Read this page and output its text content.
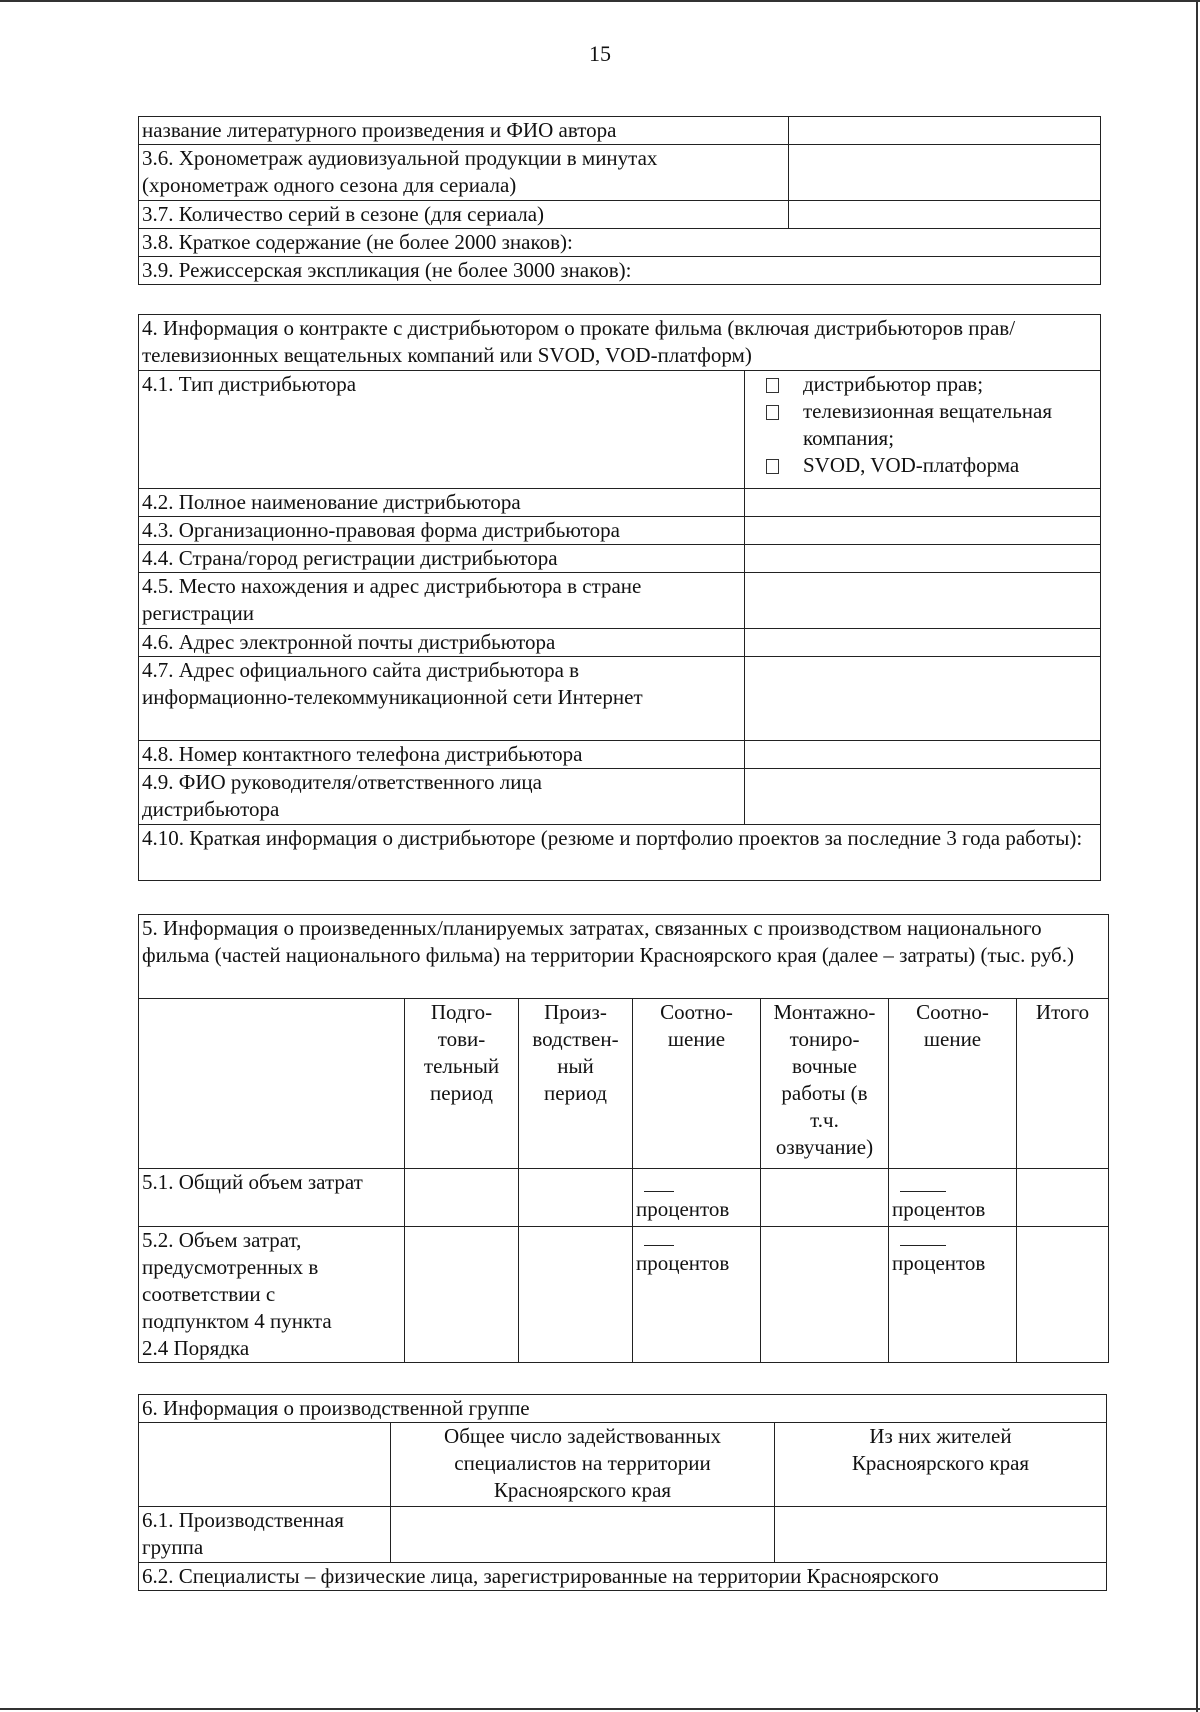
15
название литературного произведения и ФИО автора	
3.6. Хронометраж аудиовизуальной продукции в минутах (хронометраж одного сезона для сериала)	
3.7. Количество серий в сезоне (для сериала)	
3.8. Краткое содержание (не более 2000 знаков):	
3.9. Режиссерская экспликация (не более 3000 знаков):	
4. Информация о контракте с дистрибьютором о прокате фильма (включая дистрибьюторов прав/телевизионных вещательных компаний или SVOD, VOD-платформ)	
4.1. Тип дистрибьютора	дистрибьютор прав;
телевизионная вещательная компания;
SVOD, VOD-платформа

4.2. Полное наименование дистрибьютора	
4.3. Организационно-правовая форма дистрибьютора	
4.4. Страна/город регистрации дистрибьютора	
4.5. Место нахождения и адрес дистрибьютора в стране регистрации	
4.6. Адрес электронной почты дистрибьютора	
4.7. Адрес официального сайта дистрибьютора в информационно-телекоммуникационной сети Интернет	
4.8. Номер контактного телефона дистрибьютора	
4.9. ФИО руководителя/ответственного лица дистрибьютора	
4.10. Краткая информация о дистрибьюторе (резюме и портфолио проектов за последние 3 года работы):	
5. Информация о произведенных/планируемых затратах, связанных с производством национального фильма (частей национального фильма) на территории Красноярского края (далее – затраты) (тыс. руб.)						
	Подго-тови-тельный период	Произ-водствен-ный период	Соотно-шение	Монтажно-тониро-вочные работы (в т.ч. озвучание)	Соотно-шение	Итого
5.1. Общий объем затрат			процентов		процентов	
5.2. Объем затрат, предусмотренных в соответствии с подпунктом 4 пункта 2.4 Порядка			процентов		процентов	
6. Информация о производственной группе		
	Общее число задействованных специалистов на территории Красноярского края	Из них жителей Красноярского края
6.1. Производственная группа		
6.2. Специалисты – физические лица, зарегистрированные на территории Красноярского		
